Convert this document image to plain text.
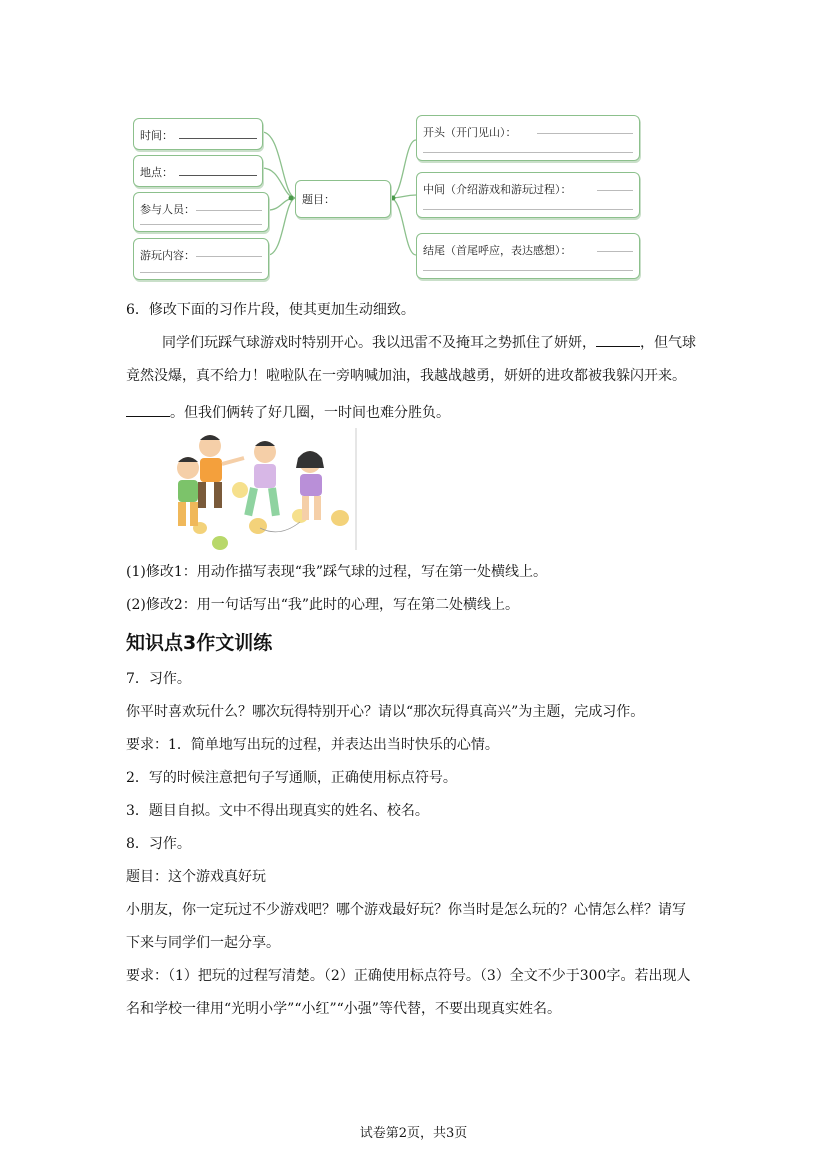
时间：
地点：
参与人员：
游玩内容：
题目：
开头（开门见山）：
中间（介绍游戏和游玩过程）：
结尾（首尾呼应，表达感想）：
6．修改下面的习作片段，使其更加生动细致。
同学们玩踩气球游戏时特别开心。我以迅雷不及掩耳之势抓住了妍妍，	，但气球竟然没爆，真不给力！啦啦队在一旁呐喊加油，我越战越勇，妍妍的进攻都被我躲闪开来。
。但我们俩转了好几圈，一时间也难分胜负。
(1)修改1：用动作描写表现“我”踩气球的过程，写在第一处横线上。
(2)修改2：用一句话写出“我”此时的心理，写在第二处横线上。
知识点3作文训练
7．习作。
你平时喜欢玩什么？哪次玩得特别开心？请以“那次玩得真高兴”为主题，完成习作。
要求：1．简单地写出玩的过程，并表达出当时快乐的心情。
2．写的时候注意把句子写通顺，正确使用标点符号。
3．题目自拟。文中不得出现真实的姓名、校名。
8．习作。
题目：这个游戏真好玩
小朋友，你一定玩过不少游戏吧？哪个游戏最好玩？你当时是怎么玩的？心情怎么样？请写
下来与同学们一起分享。
要求：（1）把玩的过程写清楚。（2）正确使用标点符号。（3）全文不少于300字。若出现人
名和学校一律用“光明小学”“小红”“小强”等代替，不要出现真实姓名。
试卷第2页，共3页
